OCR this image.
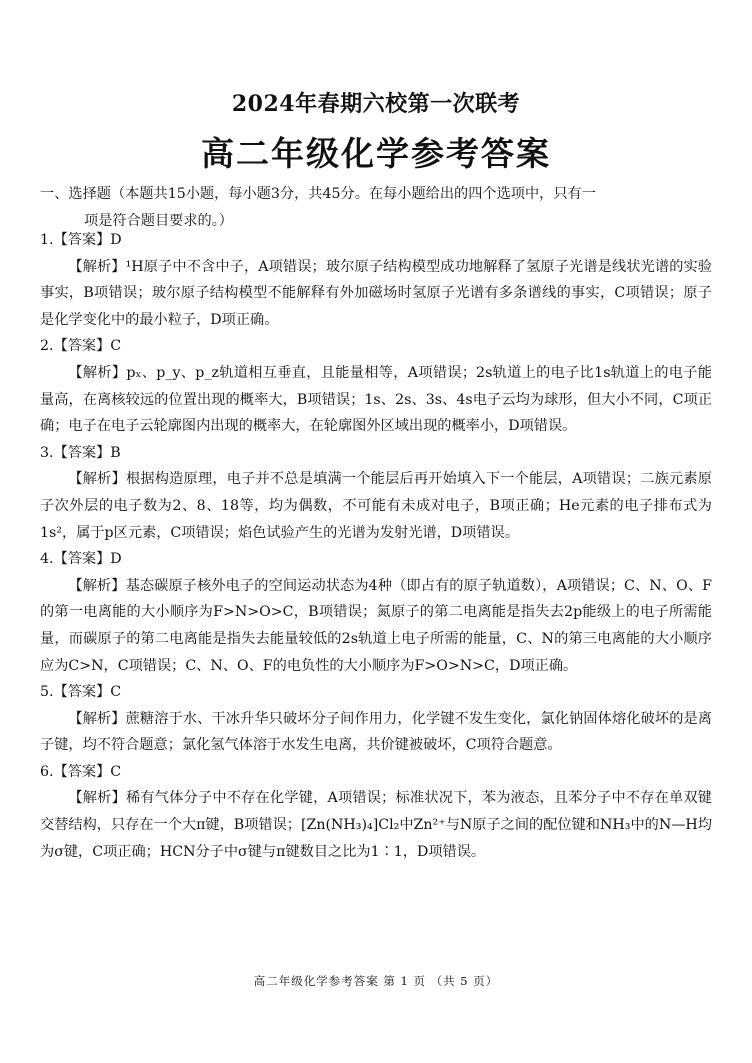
2024年春期六校第一次联考
高二年级化学参考答案
一、选择题（本题共15小题，每小题3分，共45分。在每小题给出的四个选项中，只有一
项是符合题目要求的。）
1.【答案】D
【解析】¹H原子中不含中子，A项错误；玻尔原子结构模型成功地解释了氢原子光谱是线状光谱的实验事实，B项错误；玻尔原子结构模型不能解释有外加磁场时氢原子光谱有多条谱线的事实，C项错误；原子是化学变化中的最小粒子，D项正确。
2.【答案】C
【解析】pₓ、p_y、p_z轨道相互垂直，且能量相等，A项错误；2s轨道上的电子比1s轨道上的电子能量高，在离核较远的位置出现的概率大，B项错误；1s、2s、3s、4s电子云均为球形，但大小不同，C项正确；电子在电子云轮廓图内出现的概率大，在轮廓图外区域出现的概率小，D项错误。
3.【答案】B
【解析】根据构造原理，电子并不总是填满一个能层后再开始填入下一个能层，A项错误；二族元素原子次外层的电子数为2、8、18等，均为偶数，不可能有未成对电子，B项正确；He元素的电子排布式为1s²，属于p区元素，C项错误；焰色试验产生的光谱为发射光谱，D项错误。
4.【答案】D
【解析】基态碳原子核外电子的空间运动状态为4种（即占有的原子轨道数），A项错误；C、N、O、F的第一电离能的大小顺序为F>N>O>C，B项错误；氮原子的第二电离能是指失去2p能级上的电子所需能量，而碳原子的第二电离能是指失去能量较低的2s轨道上电子所需的能量，C、N的第三电离能的大小顺序应为C>N，C项错误；C、N、O、F的电负性的大小顺序为F>O>N>C，D项正确。
5.【答案】C
【解析】蔗糖溶于水、干冰升华只破坏分子间作用力，化学键不发生变化，氯化钠固体熔化破坏的是离子键，均不符合题意；氯化氢气体溶于水发生电离，共价键被破坏，C项符合题意。
6.【答案】C
【解析】稀有气体分子中不存在化学键，A项错误；标准状况下，苯为液态，且苯分子中不存在单双键交替结构，只存在一个大π键，B项错误；[Zn(NH₃)₄]Cl₂中Zn²⁺与N原子之间的配位键和NH₃中的N—H均为σ键，C项正确；HCN分子中σ键与π键数目之比为1∶1，D项错误。
高二年级化学参考答案 第 1 页 （共 5 页）
